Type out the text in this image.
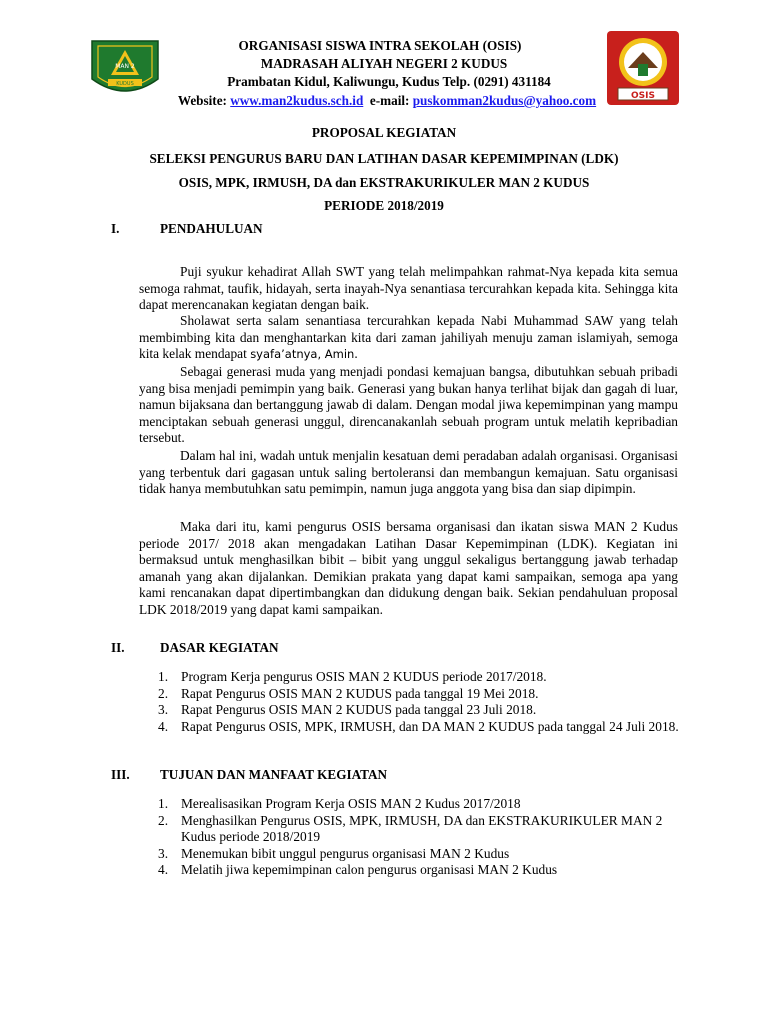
MAN 2
KUDUS
ORGANISASI SISWA INTRA SEKOLAH (OSIS)
MADRASAH ALIYAH NEGERI 2 KUDUS
Prambatan Kidul, Kaliwungu, Kudus Telp. (0291) 431184
Website: www.man2kudus.sch.id  e-mail: puskomman2kudus@yahoo.com	OSIS
PROPOSAL KEGIATAN
SELEKSI PENGURUS BARU DAN LATIHAN DASAR KEPEMIMPINAN (LDK)
OSIS, MPK, IRMUSH, DA dan EKSTRAKURIKULER MAN 2 KUDUS
PERIODE 2018/2019
I.	PENDAHULUAN

Puji syukur kehadirat Allah SWT yang telah melimpahkan rahmat-Nya kepada kita semua semoga rahmat, taufik, hidayah, serta inayah-Nya senantiasa tercurahkan kepada kita. Sehingga kita dapat merencanakan kegiatan dengan baik.

Sholawat serta salam senantiasa tercurahkan kepada Nabi Muhammad SAW yang telah membimbing kita dan menghantarkan kita dari zaman jahiliyah menuju zaman islamiyah, semoga kita kelak mendapat syafa’atnya, Amin.

Sebagai generasi muda yang menjadi pondasi kemajuan bangsa, dibutuhkan sebuah pribadi yang bisa menjadi pemimpin yang baik. Generasi yang bukan hanya terlihat bijak dan gagah di luar, namun bijaksana dan bertanggung jawab di dalam. Dengan modal jiwa kepemimpinan yang mampu menciptakan sebuah generasi unggul, direncanakanlah sebuah program untuk melatih kepribadian tersebut.

Dalam hal ini, wadah untuk menjalin kesatuan demi peradaban adalah organisasi. Organisasi yang terbentuk dari gagasan untuk saling bertoleransi dan membangun kemajuan. Satu organisasi tidak hanya membutuhkan satu pemimpin, namun juga anggota yang bisa dan siap dipimpin.

Maka dari itu, kami pengurus OSIS bersama organisasi dan ikatan siswa MAN 2 Kudus periode 2017/ 2018 akan mengadakan Latihan Dasar Kepemimpinan (LDK). Kegiatan ini bermaksud untuk menghasilkan bibit – bibit yang unggul sekaligus bertanggung jawab terhadap amanah yang akan dijalankan. Demikian prakata yang dapat kami sampaikan, semoga apa yang kami rencanakan dapat dipertimbangkan dan didukung dengan baik. Sekian pendahuluan proposal LDK 2018/2019 yang dapat kami sampaikan.

II.	DASAR KEGIATAN
1. Program Kerja pengurus OSIS MAN 2 KUDUS periode 2017/2018.
2. Rapat Pengurus OSIS MAN 2 KUDUS pada tanggal 19 Mei 2018.
3. Rapat Pengurus OSIS MAN 2 KUDUS pada tanggal 23 Juli 2018.
4. Rapat Pengurus OSIS, MPK, IRMUSH, dan DA MAN 2 KUDUS pada tanggal 24 Juli 2018.
III. TUJUAN DAN MANFAAT KEGIATAN
1. Merealisasikan Program Kerja OSIS MAN 2 Kudus 2017/2018
2. Menghasilkan Pengurus OSIS, MPK, IRMUSH, DA dan EKSTRAKURIKULER MAN 2 Kudus periode 2018/2019
3. Menemukan bibit unggul pengurus organisasi MAN 2 Kudus
4. Melatih jiwa kepemimpinan calon pengurus organisasi MAN 2 Kudus
